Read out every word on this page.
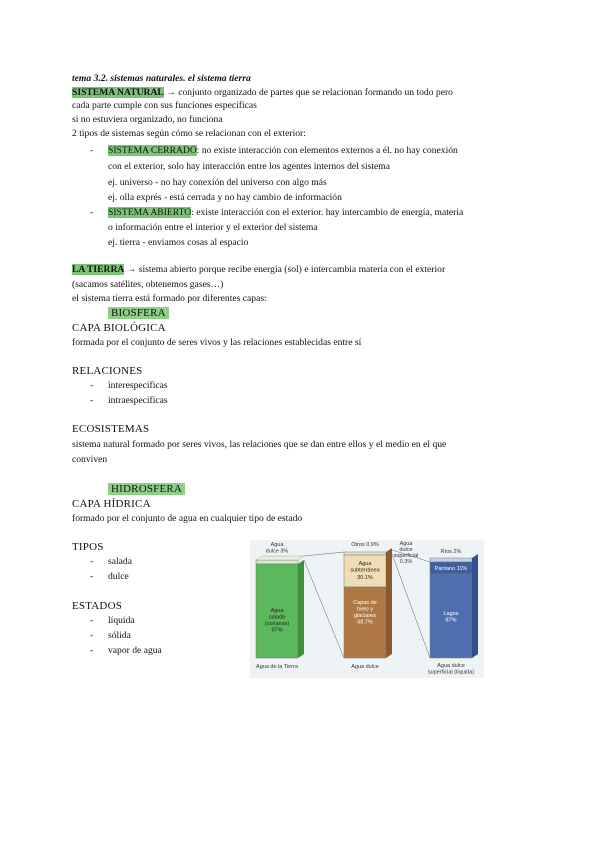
tema 3.2. sistemas naturales. el sistema tierra
SISTEMA NATURAL → conjunto organizado de partes que se relacionan formando un todo pero
cada parte cumple con sus funciones específicas
si no estuviera organizado, no funciona
2 tipos de sistemas según cómo se relacionan con el exterior:
- SISTEMA CERRADO: no existe interacción con elementos externos a él. no hay conexión
con el exterior, solo hay interacción entre los agentes internos del sistema
ej. universo - no hay conexión del universo con algo más
ej. olla exprés - está cerrada y no hay cambio de información
- SISTEMA ABIERTO: existe interacción con el exterior. hay intercambio de energía, materia
o información entre el interior y el exterior del sistema
ej. tierra - enviamos cosas al espacio
LA TIERRA → sistema abierto porque recibe energía (sol) e intercambia materia con el exterior
(sacamos satélites, obtenemos gases…)
el sistema tierra está formado por diferentes capas:
BIOSFERA
CAPA BIOLÓGICA
formada por el conjunto de seres vivos y las relaciones establecidas entre sí
RELACIONES
- interespecíficas
- intraespecíficas
ECOSISTEMAS
sistema natural formado por seres vivos, las relaciones que se dan entre ellos y el medio en el que
conviven
HIDROSFERA
CAPA HÍDRICA
formado por el conjunto de agua en cualquier tipo de estado
TIPOS
- salada
- dulce
ESTADOS
- líquida
- sólida
- vapor de agua
Agua
dulce 3%
Agua
salada
(océanos)
97%
Agua de la Tierra
Otros 0.9%
Agua
subterránea
30.1%
Capas de
hielo y
glaciares
68.7%
Agua dulce
Agua
dulce
superficial
0.3%
Ríos 2%
Pantano 11%
Lagos
87%
Agua dulce
superficial (líquida)
